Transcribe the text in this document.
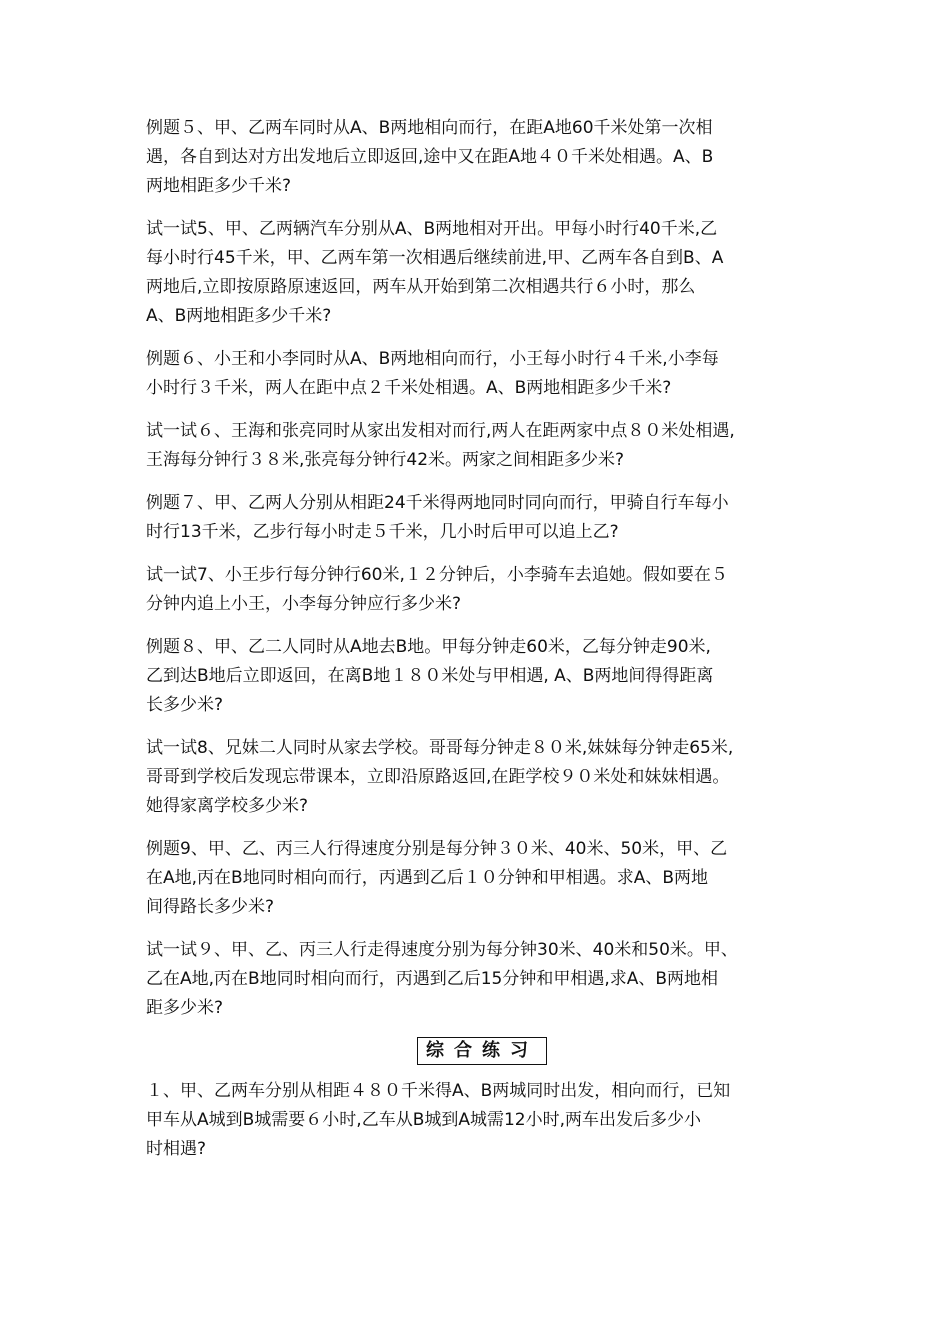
例题５、甲、乙两车同时从A、B两地相向而行，在距A地60千米处第一次相
遇，各自到达对方出发地后立即返回,途中又在距A地４０千米处相遇。A、B
两地相距多少千米?
试一试5、甲、乙两辆汽车分别从A、B两地相对开出。甲每小时行40千米,乙
每小时行45千米，甲、乙两车第一次相遇后继续前进,甲、乙两车各自到B、A
两地后,立即按原路原速返回，两车从开始到第二次相遇共行６小时，那么
A、B两地相距多少千米?
例题６、小王和小李同时从A、B两地相向而行，小王每小时行４千米,小李每
小时行３千米，两人在距中点２千米处相遇。A、B两地相距多少千米?
试一试６、王海和张亮同时从家出发相对而行,两人在距两家中点８０米处相遇,
王海每分钟行３８米,张亮每分钟行42米。两家之间相距多少米?
例题７、甲、乙两人分别从相距24千米得两地同时同向而行，甲骑自行车每小
时行13千米，乙步行每小时走５千米，几小时后甲可以追上乙?
试一试7、小王步行每分钟行60米,１２分钟后，小李骑车去追她。假如要在５
分钟内追上小王，小李每分钟应行多少米?
例题８、甲、乙二人同时从A地去B地。甲每分钟走60米，乙每分钟走90米,
乙到达B地后立即返回，在离B地１８０米处与甲相遇, A、B两地间得得距离
长多少米?
试一试8、兄妹二人同时从家去学校。哥哥每分钟走８０米,妹妹每分钟走65米,
哥哥到学校后发现忘带课本，立即沿原路返回,在距学校９０米处和妹妹相遇。
她得家离学校多少米?
例题9、甲、乙、丙三人行得速度分别是每分钟３０米、40米、50米，甲、乙
在A地,丙在B地同时相向而行，丙遇到乙后１０分钟和甲相遇。求A、B两地
间得路长多少米?
试一试９、甲、乙、丙三人行走得速度分别为每分钟30米、40米和50米。甲、
乙在A地,丙在B地同时相向而行，丙遇到乙后15分钟和甲相遇,求A、B两地相
距多少米?
综合练习
１、甲、乙两车分别从相距４８０千米得A、B两城同时出发，相向而行，已知
甲车从A城到B城需要６小时,乙车从B城到A城需12小时,两车出发后多少小
时相遇?
